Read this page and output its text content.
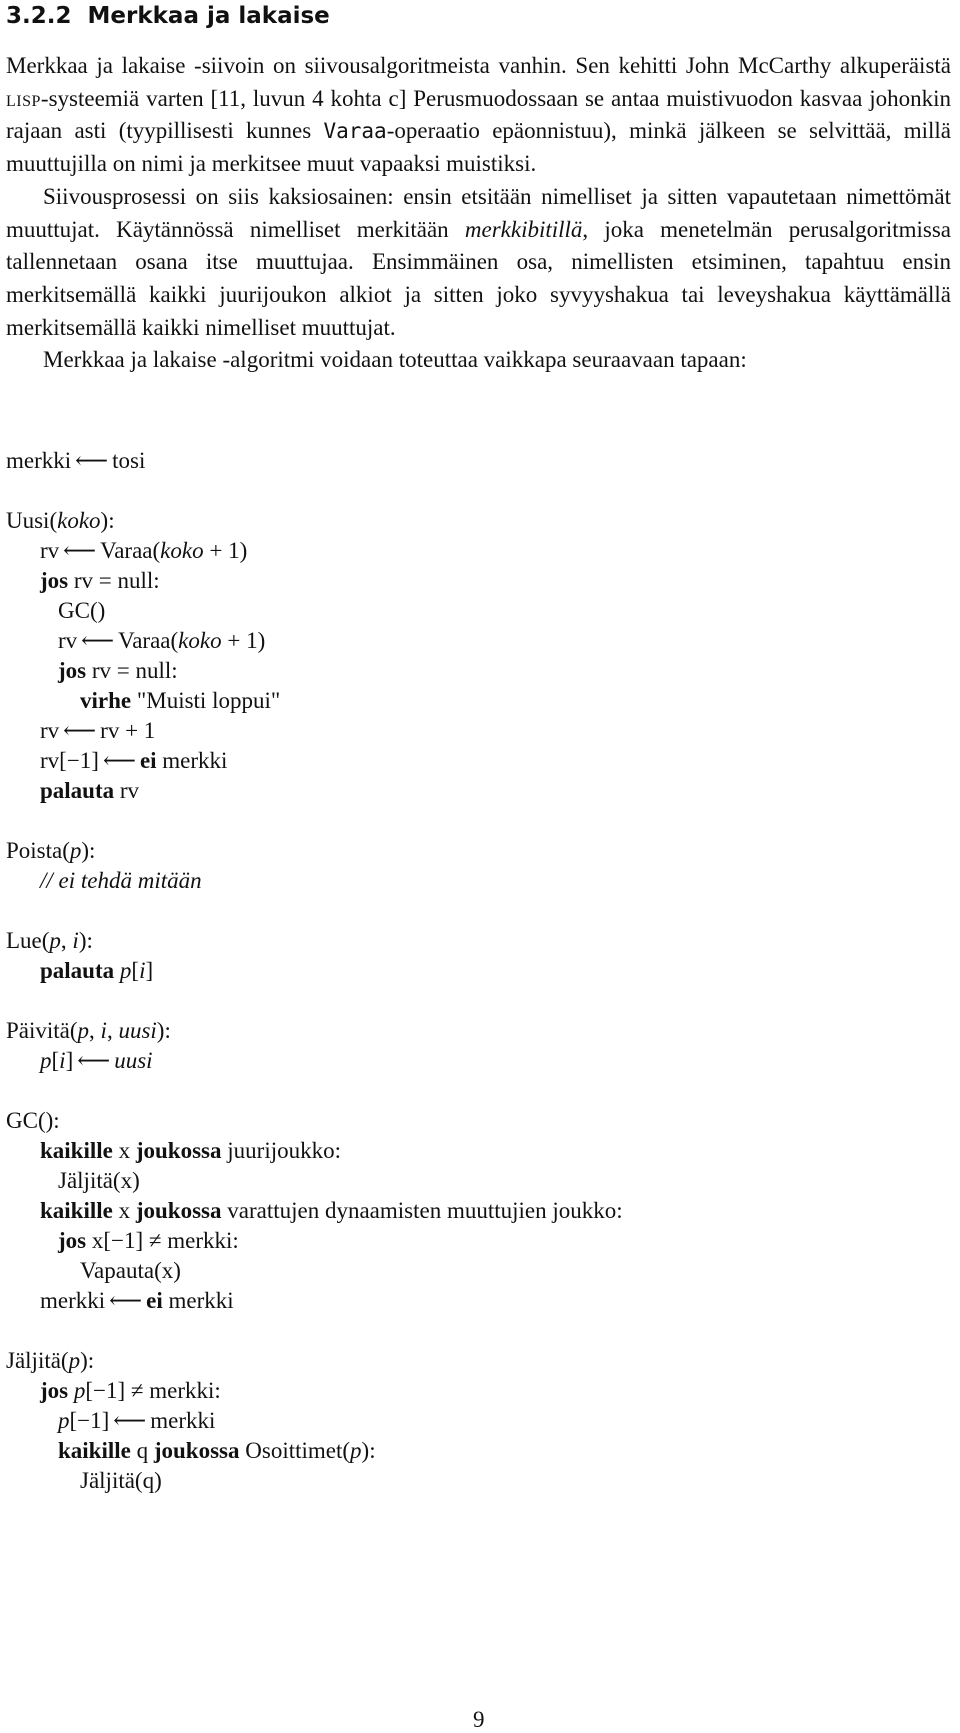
3.2.2 Merkkaa ja lakaise

Merkkaa ja lakaise -siivoin on siivousalgoritmeista vanhin. Sen kehitti John McCarthy alkuperäistä lisp-systeemiä varten [11, luvun 4 kohta c] Perusmuodossaan se antaa muistivuodon kasvaa johonkin rajaan asti (tyypillisesti kunnes Varaa-operaatio epäonnistuu), minkä jälkeen se selvittää, millä muuttujilla on nimi ja merkitsee muut vapaaksi muistiksi.

Siivousprosessi on siis kaksiosainen: ensin etsitään nimelliset ja sitten vapautetaan nimettömät muuttujat. Käytännössä nimelliset merkitään merkkibitillä, joka menetelmän perusalgoritmissa tallennetaan osana itse muuttujaa. Ensimmäinen osa, nimellisten etsiminen, tapahtuu ensin merkitsemällä kaikki juurijoukon alkiot ja sitten joko syvyyshakua tai leveyshakua käyttämällä merkitsemällä kaikki nimelliset muuttujat.

Merkkaa ja lakaise -algoritmi voidaan toteuttaa vaikkapa seuraavaan tapaan:

merkki ⟵ tosi
Uusi(koko):
rv ⟵ Varaa(koko + 1)
jos rv = null:
GC()
rv ⟵ Varaa(koko + 1)
jos rv = null:
virhe "Muisti loppui"
rv ⟵ rv + 1
rv[−1] ⟵ ei merkki
palauta rv
Poista(p):
// ei tehdä mitään
Lue(p, i):
palauta p[i]
Päivitä(p, i, uusi):
p[i] ⟵ uusi
GC():
kaikille x joukossa juurijoukko:
Jäljitä(x)
kaikille x joukossa varattujen dynaamisten muuttujien joukko:
jos x[−1] ≠ merkki:
Vapauta(x)
merkki ⟵ ei merkki
Jäljitä(p):
jos p[−1] ≠ merkki:
p[−1] ⟵ merkki
kaikille q joukossa Osoittimet(p):
Jäljitä(q)
9
